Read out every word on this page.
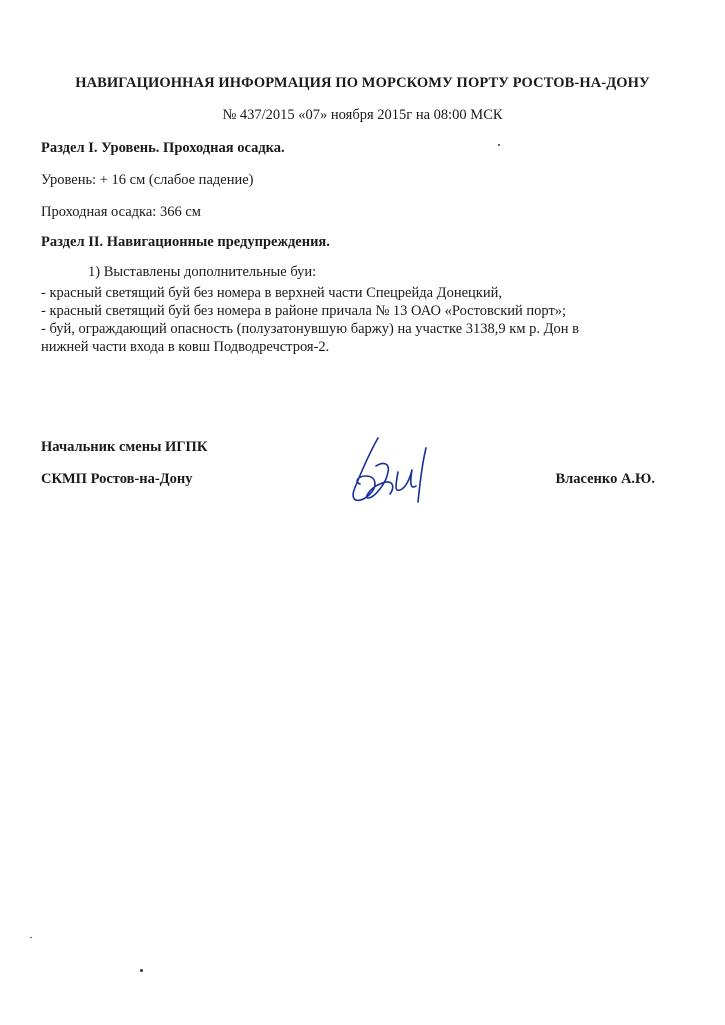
НАВИГАЦИОННАЯ ИНФОРМАЦИЯ ПО МОРСКОМУ ПОРТУ РОСТОВ-НА-ДОНУ
№ 437/2015 «07» ноября 2015г на 08:00 МСК
Раздел I. Уровень. Проходная осадка.
Уровень: + 16 см (слабое падение)
Проходная осадка: 366 см
Раздел II. Навигационные предупреждения.
1) Выставлены дополнительные буи:
- красный светящий буй без номера в верхней части Спецрейда Донецкий,
- красный светящий буй без номера в районе причала № 13 ОАО «Ростовский порт»;
- буй, ограждающий опасность (полузатонувшую баржу) на участке 3138,9 км р. Дон в
нижней части входа в ковш Подводречстроя-2.
Начальник смены ИГПК
СКМП Ростов-на-Дону	Власенко А.Ю.
